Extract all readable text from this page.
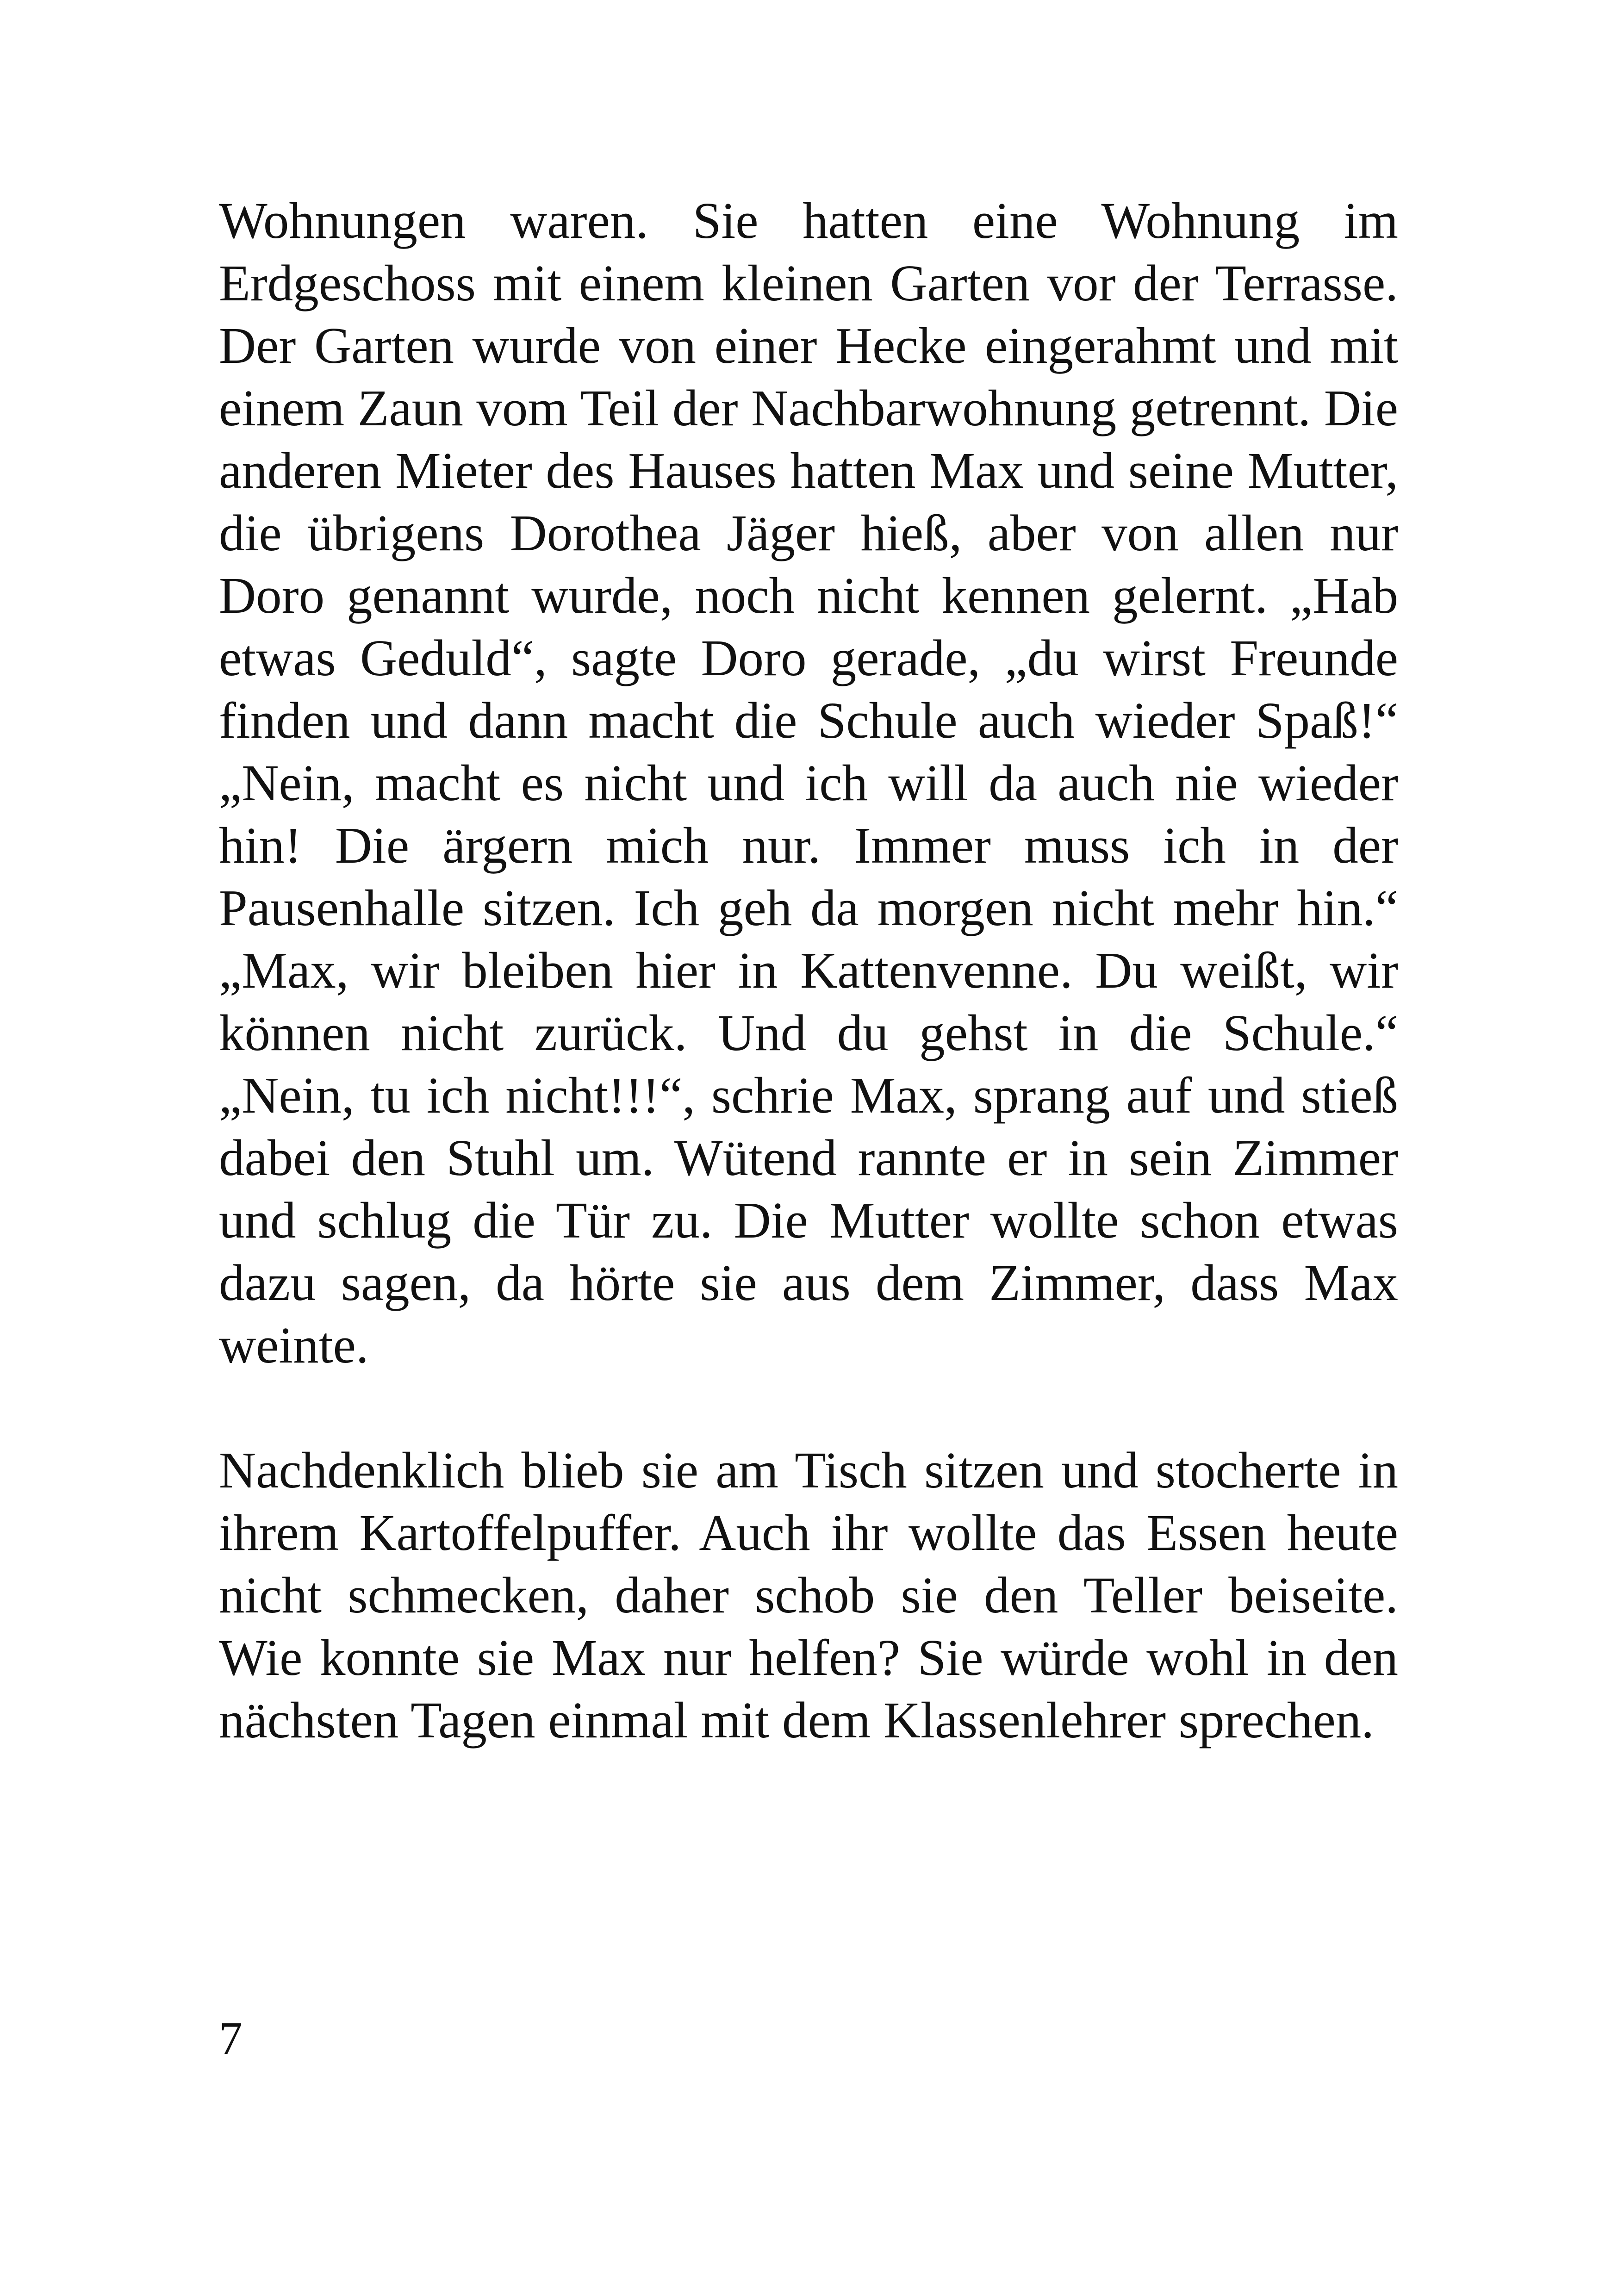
Wohnungen waren. Sie hatten eine Wohnung im Erdgeschoss mit einem kleinen Garten vor der Terrasse. Der Garten wurde von einer Hecke eingerahmt und mit einem Zaun vom Teil der Nachbarwohnung getrennt. Die anderen Mieter des Hauses hatten Max und seine Mutter, die übrigens Dorothea Jäger hieß, aber von allen nur Doro genannt wurde, noch nicht kennen gelernt. „Hab etwas Geduld“, sagte Doro gerade, „du wirst Freunde finden und dann macht die Schule auch wieder Spaß!“ „Nein, macht es nicht und ich will da auch nie wieder hin! Die ärgern mich nur. Immer muss ich in der Pausenhalle sitzen. Ich geh da morgen nicht mehr hin.“ „Max, wir bleiben hier in Kattenvenne. Du weißt, wir können nicht zurück. Und du gehst in die Schule.“ „Nein, tu ich nicht!!!“, schrie Max, sprang auf und stieß dabei den Stuhl um. Wütend rannte er in sein Zimmer und schlug die Tür zu. Die Mutter wollte schon etwas dazu sagen, da hörte sie aus dem Zimmer, dass Max weinte.

Nachdenklich blieb sie am Tisch sitzen und stocherte in ihrem Kartoffelpuffer. Auch ihr wollte das Essen heute nicht schmecken, daher schob sie den Teller beiseite. Wie konnte sie Max nur helfen? Sie würde wohl in den nächsten Tagen einmal mit dem Klassenlehrer sprechen.

7
